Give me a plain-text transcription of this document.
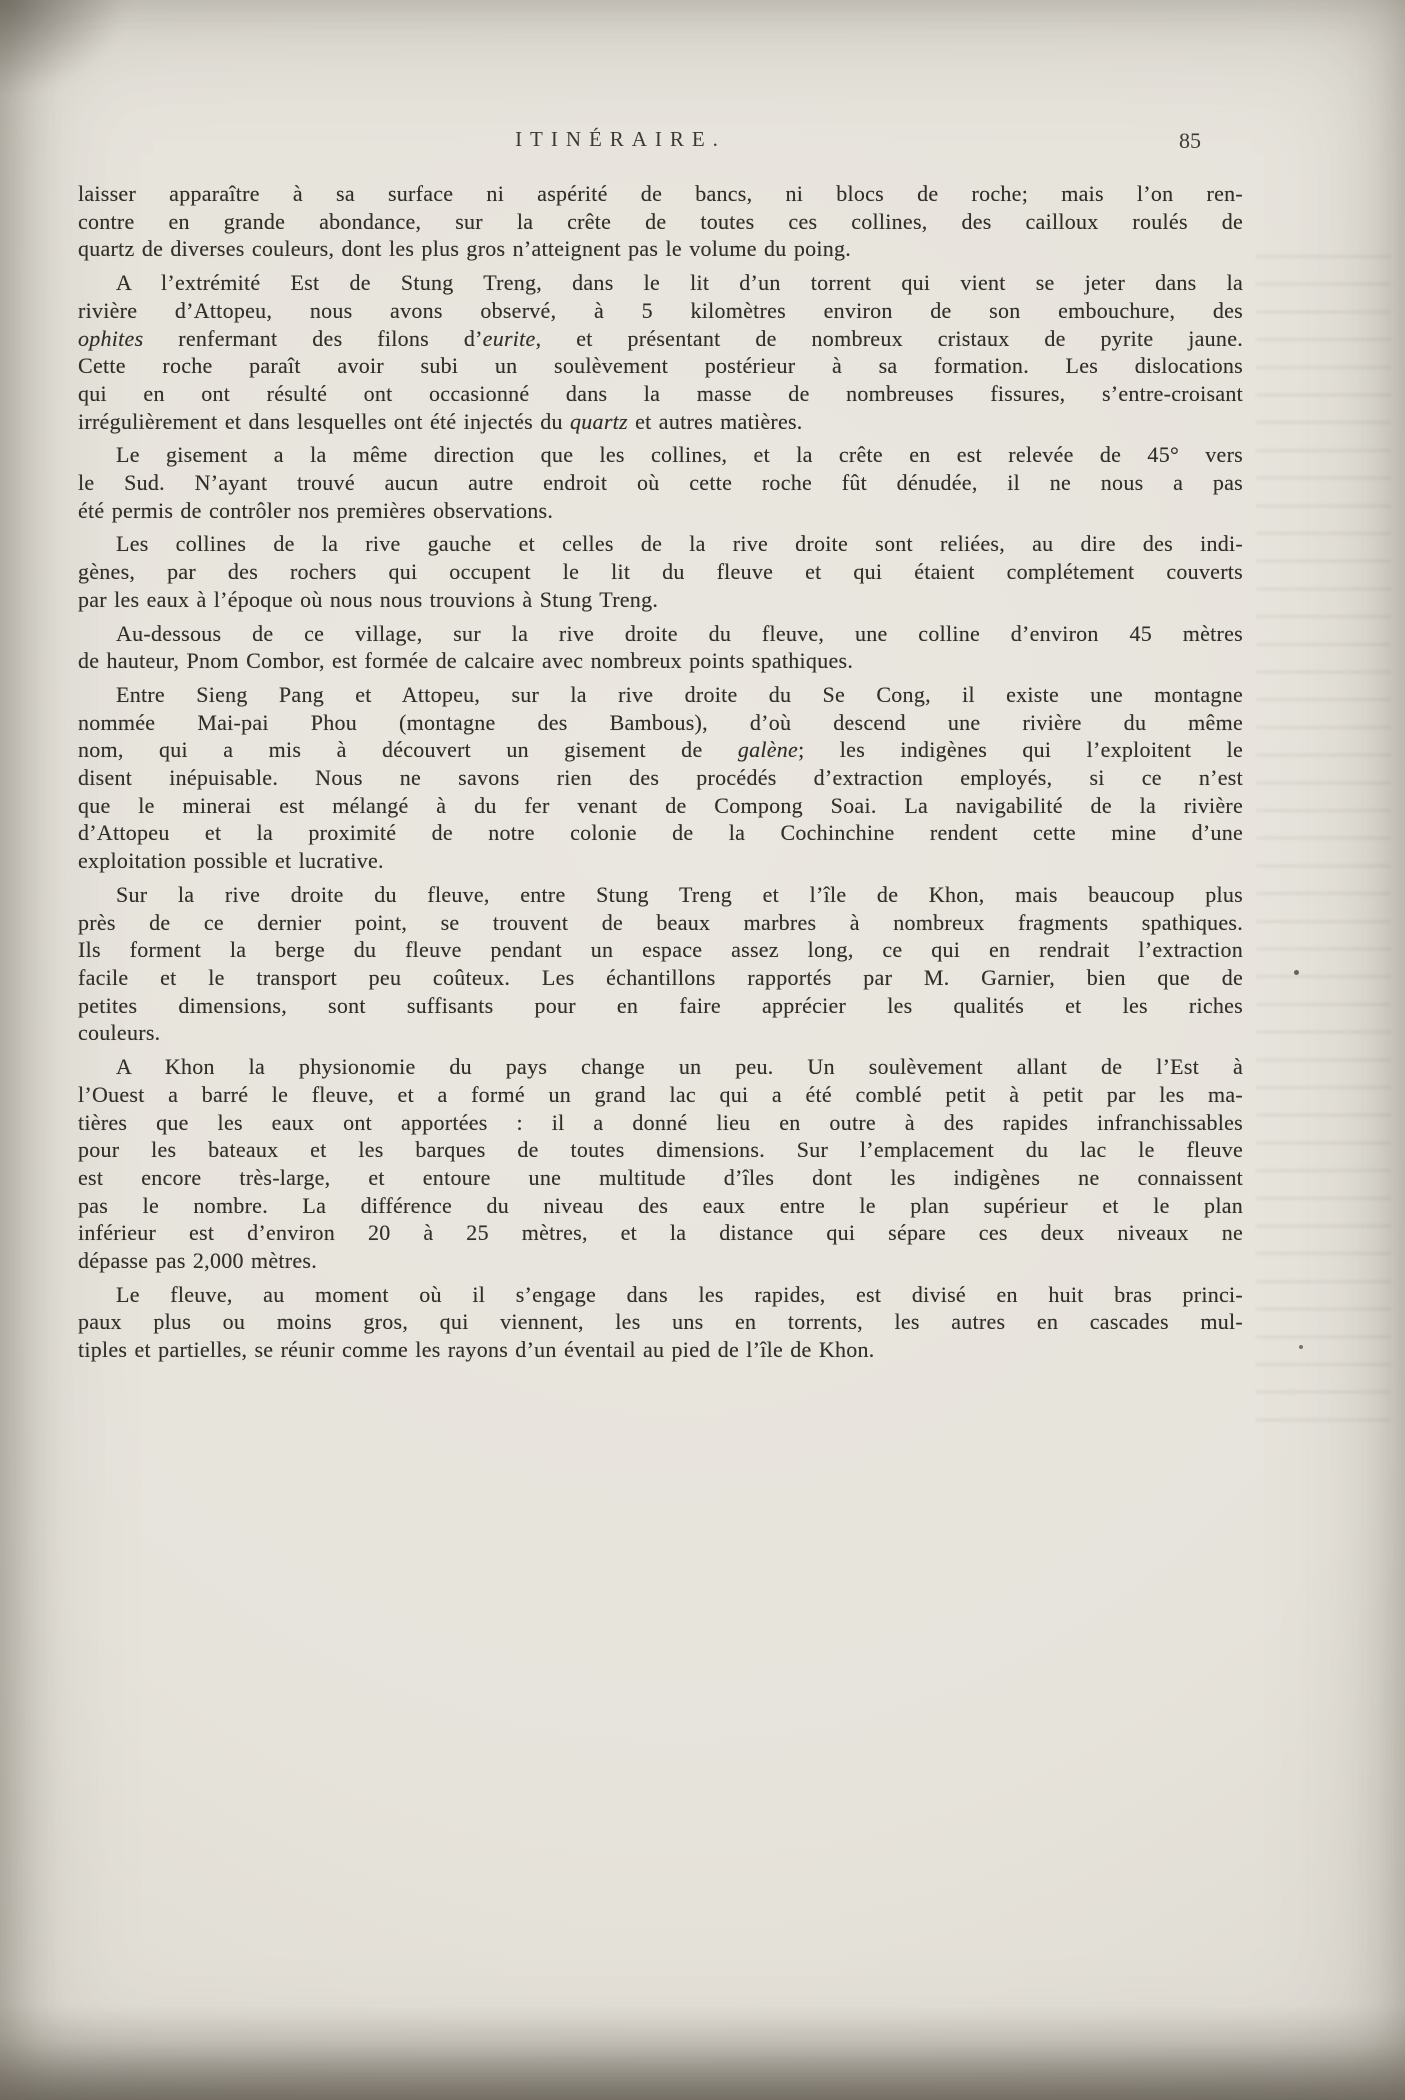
ITINÉRAIRE.	85
laisser apparaître à sa surface ni aspérité de bancs, ni blocs de roche; mais l’on ren-
contre en grande abondance, sur la crête de toutes ces collines, des cailloux roulés de
quartz de diverses couleurs, dont les plus gros n’atteignent pas le volume du poing.
A l’extrémité Est de Stung Treng, dans le lit d’un torrent qui vient se jeter dans la
rivière d’Attopeu, nous avons observé, à 5 kilomètres environ de son embouchure, des
ophites renfermant des filons d’eurite, et présentant de nombreux cristaux de pyrite jaune.
Cette roche paraît avoir subi un soulèvement postérieur à sa formation. Les dislocations
qui en ont résulté ont occasionné dans la masse de nombreuses fissures, s’entre-croisant
irrégulièrement et dans lesquelles ont été injectés du quartz et autres matières.
Le gisement a la même direction que les collines, et la crête en est relevée de 45° vers
le Sud. N’ayant trouvé aucun autre endroit où cette roche fût dénudée, il ne nous a pas
été permis de contrôler nos premières observations.
Les collines de la rive gauche et celles de la rive droite sont reliées, au dire des indi-
gènes, par des rochers qui occupent le lit du fleuve et qui étaient complétement couverts
par les eaux à l’époque où nous nous trouvions à Stung Treng.
Au-dessous de ce village, sur la rive droite du fleuve, une colline d’environ 45 mètres
de hauteur, Pnom Combor, est formée de calcaire avec nombreux points spathiques.
Entre Sieng Pang et Attopeu, sur la rive droite du Se Cong, il existe une montagne
nommée Mai-pai Phou (montagne des Bambous), d’où descend une rivière du même
nom, qui a mis à découvert un gisement de galène; les indigènes qui l’exploitent le
disent inépuisable. Nous ne savons rien des procédés d’extraction employés, si ce n’est
que le minerai est mélangé à du fer venant de Compong Soai. La navigabilité de la rivière
d’Attopeu et la proximité de notre colonie de la Cochinchine rendent cette mine d’une
exploitation possible et lucrative.
Sur la rive droite du fleuve, entre Stung Treng et l’île de Khon, mais beaucoup plus
près de ce dernier point, se trouvent de beaux marbres à nombreux fragments spathiques.
Ils forment la berge du fleuve pendant un espace assez long, ce qui en rendrait l’extraction
facile et le transport peu coûteux. Les échantillons rapportés par M. Garnier, bien que de
petites dimensions, sont suffisants pour en faire apprécier les qualités et les riches
couleurs.
A Khon la physionomie du pays change un peu. Un soulèvement allant de l’Est à
l’Ouest a barré le fleuve, et a formé un grand lac qui a été comblé petit à petit par les ma-
tières que les eaux ont apportées : il a donné lieu en outre à des rapides infranchissables
pour les bateaux et les barques de toutes dimensions. Sur l’emplacement du lac le fleuve
est encore très-large, et entoure une multitude d’îles dont les indigènes ne connaissent
pas le nombre. La différence du niveau des eaux entre le plan supérieur et le plan
inférieur est d’environ 20 à 25 mètres, et la distance qui sépare ces deux niveaux ne
dépasse pas 2,000 mètres.
Le fleuve, au moment où il s’engage dans les rapides, est divisé en huit bras princi-
paux plus ou moins gros, qui viennent, les uns en torrents, les autres en cascades mul-
tiples et partielles, se réunir comme les rayons d’un éventail au pied de l’île de Khon.
